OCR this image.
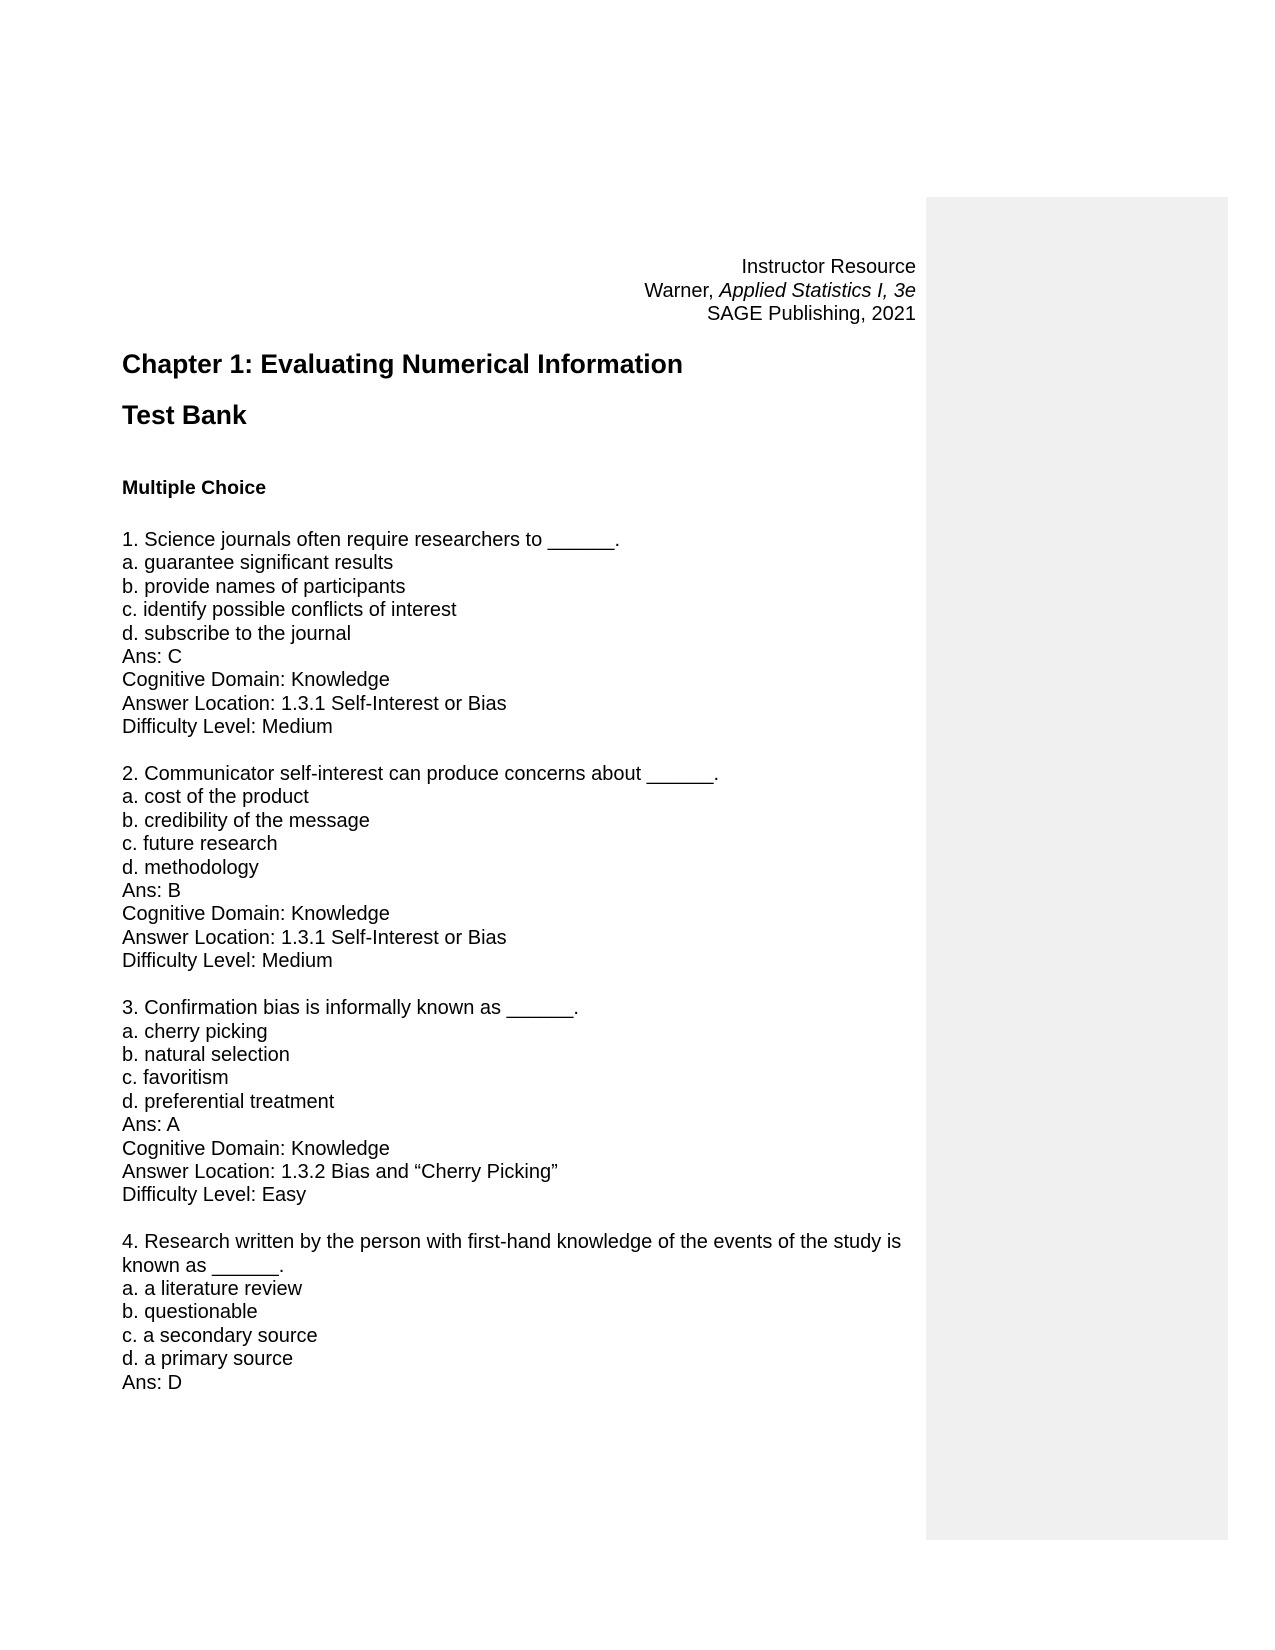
Instructor Resource
Warner, Applied Statistics I, 3e
SAGE Publishing, 2021
Chapter 1: Evaluating Numerical Information
Test Bank
Multiple Choice
1. Science journals often require researchers to ______.
a. guarantee significant results
b. provide names of participants
c. identify possible conflicts of interest
d. subscribe to the journal
Ans: C
Cognitive Domain: Knowledge
Answer Location: 1.3.1 Self-Interest or Bias
Difficulty Level: Medium
2. Communicator self-interest can produce concerns about ______.
a. cost of the product
b. credibility of the message
c. future research
d. methodology
Ans: B
Cognitive Domain: Knowledge
Answer Location: 1.3.1 Self-Interest or Bias
Difficulty Level: Medium
3. Confirmation bias is informally known as ______.
a. cherry picking
b. natural selection
c. favoritism
d. preferential treatment
Ans: A
Cognitive Domain: Knowledge
Answer Location: 1.3.2 Bias and “Cherry Picking”
Difficulty Level: Easy
4. Research written by the person with first-hand knowledge of the events of the study is known as ______.
a. a literature review
b. questionable
c. a secondary source
d. a primary source
Ans: D
